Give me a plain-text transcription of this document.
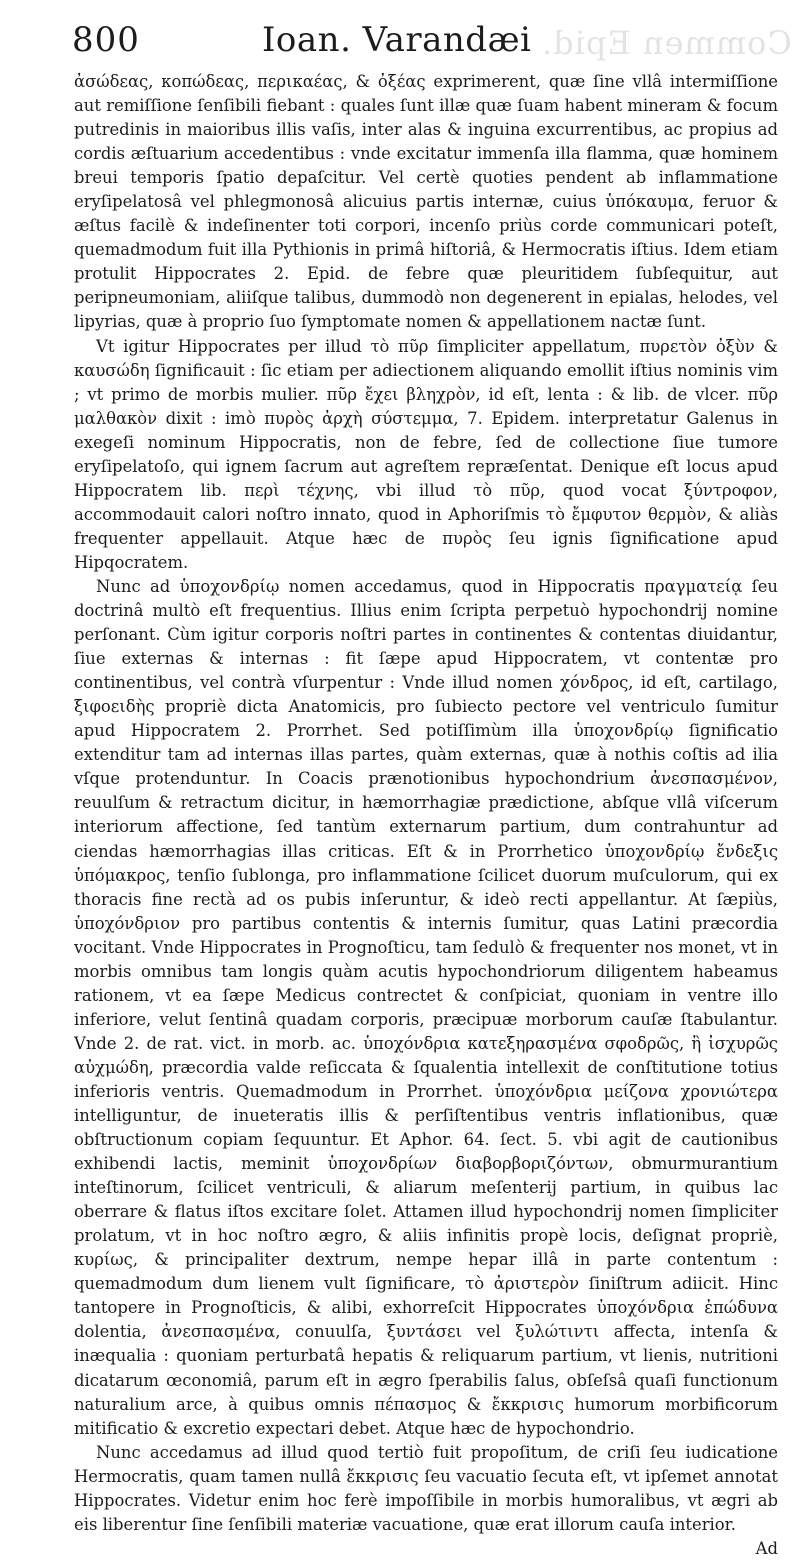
Commen Epid.
800	Ioan. Varandæi

ἀσώδεας, κοπώδεας, περικαέας, & ὀξέας exprimerent, quæ ſine vllâ intermiſſione aut remiſſione ſenſibili fiebant : quales ſunt illæ quæ ſuam habent mineram & focum putredinis in maioribus illis vaſis, inter alas & inguina excurrentibus, ac propius ad cordis æſtuarium accedentibus : vnde excitatur immenſa illa flamma, quæ hominem breui temporis ſpatio depaſcitur. Vel certè quoties pendent ab inflammatione eryſipelatosâ vel phlegmonosâ alicuius partis internæ, cuius ὑπόκαυμα, feruor & æſtus facilè & indeſinenter toti corpori, incenſo priùs corde communicari poteſt, quemadmodum fuit illa Pythionis in primâ hiſtoriâ, & Hermocratis iſtius. Idem etiam protulit Hippocrates 2. Epid. de febre quæ pleuritidem ſubſequitur, aut peripneumoniam, aliiſque talibus, dummodò non degenerent in epialas, helodes, vel lipyrias, quæ à proprio ſuo ſymptomate nomen & appellationem nactæ ſunt.

Vt igitur Hippocrates per illud τὸ πῦρ ſimpliciter appellatum, πυρετὸν ὀξὺν & καυσώδη ſignificauit : ſic etiam per adiectionem aliquando emollit iſtius nominis vim ; vt primo de morbis mulier. πῦρ ἔχει βληχρὸν, id eſt, lenta : & lib. de vlcer. πῦρ μαλθακὸν dixit : imò πυρὸς ἀρχὴ σύστεμμα, 7. Epidem. interpretatur Galenus in exegeſi nominum Hippocratis, non de febre, ſed de collectione ſiue tumore eryſipelatoſo, qui ignem ſacrum aut agreſtem repræſentat. Denique eſt locus apud Hippocratem lib. περὶ τέχνης, vbi illud τὸ πῦρ, quod vocat ξύντροφον, accommodauit calori noſtro innato, quod in Aphoriſmis τὸ ἔμφυτον θερμὸν, & aliàs frequenter appellauit. Atque hæc de πυρὸς ſeu ignis ſignificatione apud Hipqocratem.

Nunc ad ὑποχονδρίῳ nomen accedamus, quod in Hippocratis πραγματείᾳ ſeu doctrinâ multò eſt frequentius. Illius enim ſcripta perpetuò hypochondrij nomine perſonant. Cùm igitur corporis noſtri partes in continentes & contentas diuidantur, ſiue externas & internas : fit ſæpe apud Hippocratem, vt contentæ pro continentibus, vel contrà vſurpentur : Vnde illud nomen χόνδρος, id eſt, cartilago, ξιφοειδὴς propriè dicta Anatomicis, pro ſubiecto pectore vel ventriculo ſumitur apud Hippocratem 2. Prorrhet. Sed potiſſimùm illa ὑποχονδρίῳ ſignificatio extenditur tam ad internas illas partes, quàm externas, quæ à nothis coſtis ad ilia vſque protenduntur. In Coacis prænotionibus hypochondrium ἀνεσπασμένον, reuulſum & retractum dicitur, in hæmorrhagiæ prædictione, abſque vllâ viſcerum interiorum affectione, ſed tantùm externarum partium, dum contrahuntur ad ciendas hæmorrhagias illas criticas. Eſt & in Prorrhetico ὑποχονδρίῳ ἔνδεξις ὑπόμακρος, tenſio ſublonga, pro inflammatione ſcilicet duorum muſculorum, qui ex thoracis fine rectà ad os pubis inſeruntur, & ideò recti appellantur. At ſæpiùs, ὑποχόνδριον pro partibus contentis & internis ſumitur, quas Latini præcordia vocitant. Vnde Hippocrates in Prognoſticu, tam ſedulò & frequenter nos monet, vt in morbis omnibus tam longis quàm acutis hypochondriorum diligentem habeamus rationem, vt ea ſæpe Medicus contrectet & conſpiciat, quoniam in ventre illo inferiore, velut ſentinâ quadam corporis, præcipuæ morborum cauſæ ſtabulantur. Vnde 2. de rat. vict. in morb. ac. ὑποχόνδρια κατεξηρασμένα σφοδρῶς, ἢ ἰσχυρῶς αὐχμώδη, præcordia valde reſiccata & ſqualentia intellexit de conſtitutione totius inferioris ventris. Quemadmodum in Prorrhet. ὑποχόνδρια μείζονα χρονιώτερα intelliguntur, de inueteratis illis & perſiſtentibus ventris inflationibus, quæ obſtructionum copiam ſequuntur. Et Aphor. 64. ſect. 5. vbi agit de cautionibus exhibendi lactis, meminit ὑποχονδρίων διαβορβοριζόντων, obmurmurantium inteſtinorum, ſcilicet ventriculi, & aliarum meſenterij partium, in quibus lac oberrare & flatus iſtos excitare ſolet. Attamen illud hypochondrij nomen ſimpliciter prolatum, vt in hoc noſtro ægro, & aliis infinitis propè locis, deſignat propriè, κυρίως, & principaliter dextrum, nempe hepar illâ in parte contentum : quemadmodum dum lienem vult ſignificare, τὸ ἀριστερὸν ſiniſtrum adiicit. Hinc tantopere in Prognoſticis, & alibi, exhorreſcit Hippocrates ὑποχόνδρια ἐπώδυνα dolentia, ἀνεσπασμένα, conuulſa, ξυντάσει vel ξυλώτιντι affecta, intenſa & inæqualia : quoniam perturbatâ hepatis & reliquarum partium, vt lienis, nutritioni dicatarum œconomiâ, parum eſt in ægro ſperabilis ſalus, obſeſsâ quaſi functionum naturalium arce, à quibus omnis πέπασμος & ἔκκρισις humorum morbificorum mitificatio & excretio expectari debet. Atque hæc de hypochondrio.

Nunc accedamus ad illud quod tertiò fuit propoſitum, de criſi ſeu iudicatione Hermocratis, quam tamen nullâ ἔκκρισις ſeu vacuatio ſecuta eſt, vt ipſemet annotat Hippocrates. Videtur enim hoc ferè impoſſibile in morbis humoralibus, vt ægri ab eis liberentur ſine ſenſibili materiæ vacuatione, quæ erat illorum cauſa interior.

Ad
